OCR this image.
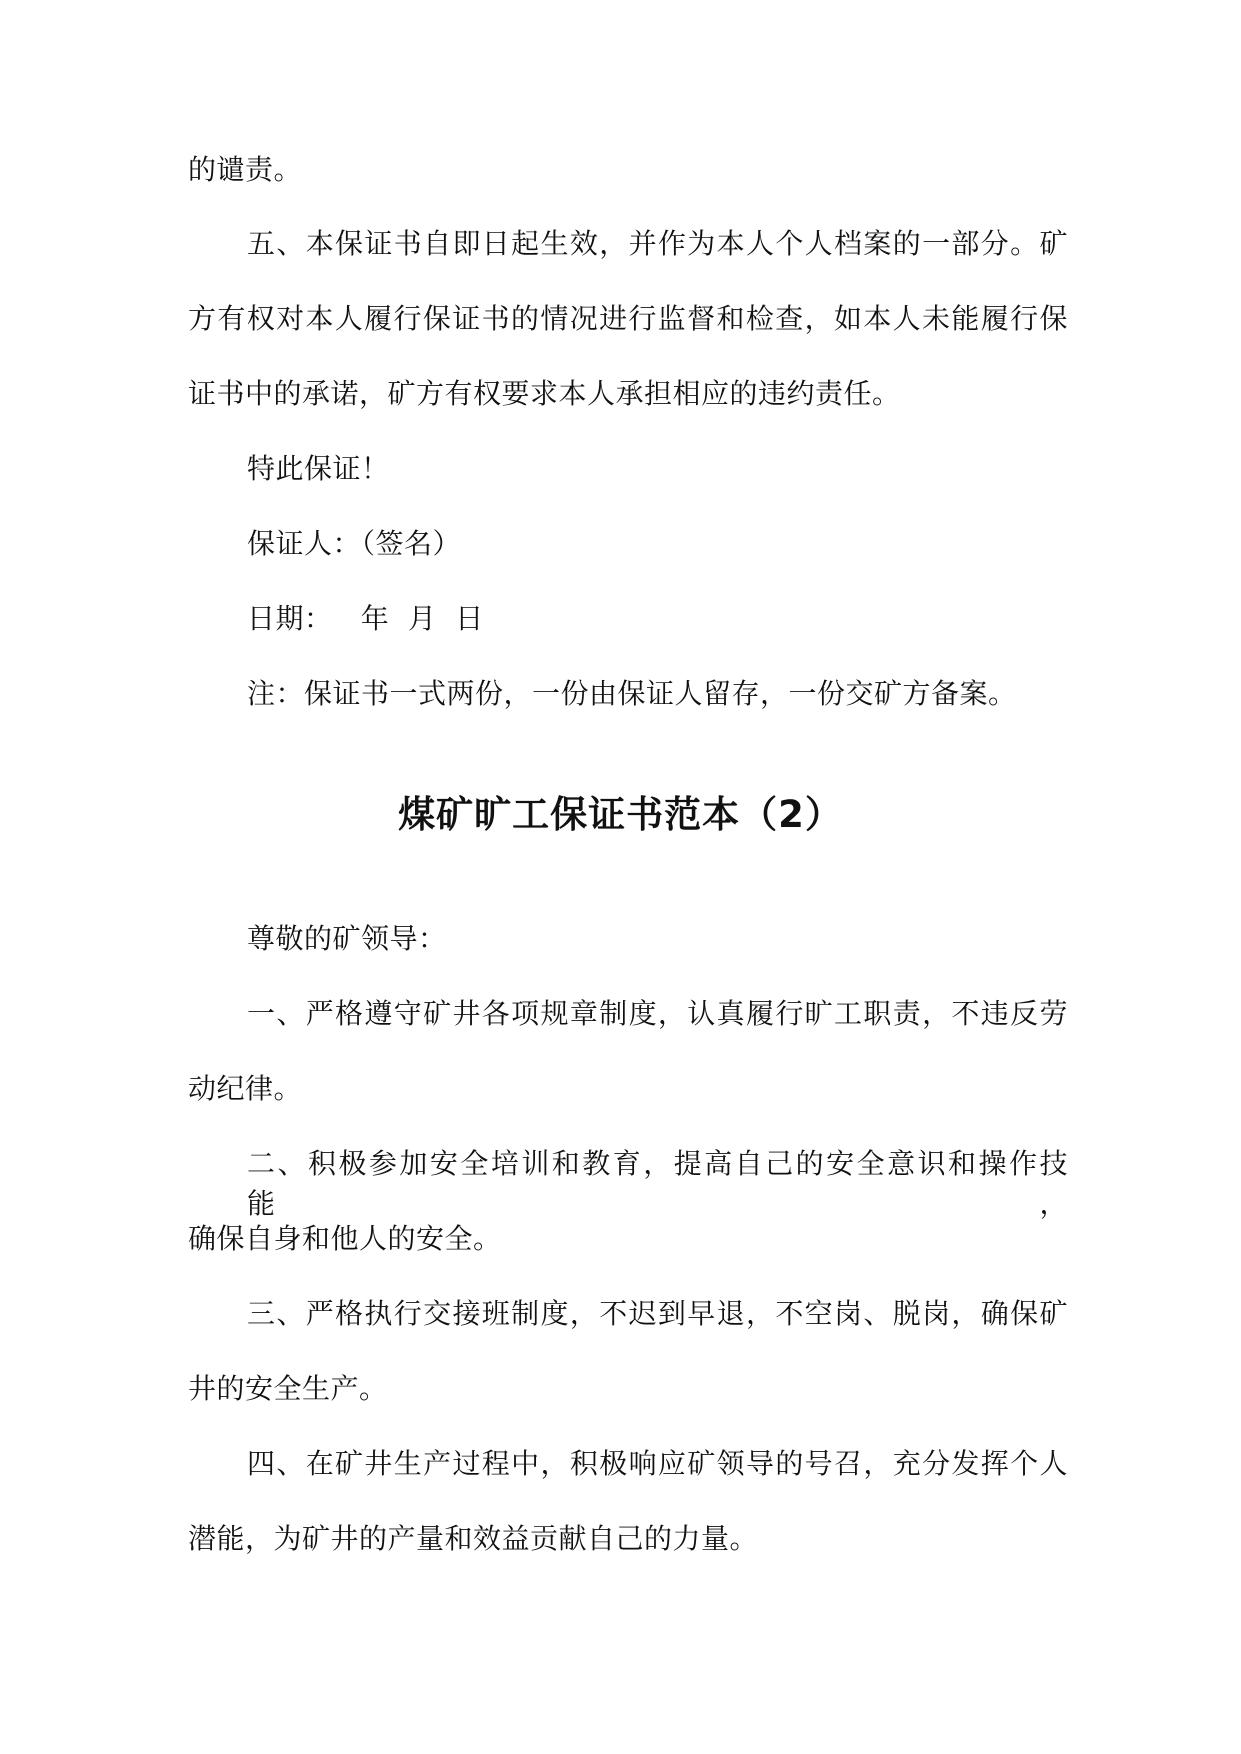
的谴责。
五、本保证书自即日起生效，并作为本人个人档案的一部分。矿
方有权对本人履行保证书的情况进行监督和检查，如本人未能履行保
证书中的承诺，矿方有权要求本人承担相应的违约责任。
特此保证！
保证人：（签名）
日期：   年  月  日
注：保证书一式两份，一份由保证人留存，一份交矿方备案。
煤矿旷工保证书范本（2）
尊敬的矿领导：
一、严格遵守矿井各项规章制度，认真履行旷工职责，不违反劳
动纪律。
二、积极参加安全培训和教育，提高自己的安全意识和操作技能，
确保自身和他人的安全。
三、严格执行交接班制度，不迟到早退，不空岗、脱岗，确保矿
井的安全生产。
四、在矿井生产过程中，积极响应矿领导的号召，充分发挥个人
潜能，为矿井的产量和效益贡献自己的力量。
